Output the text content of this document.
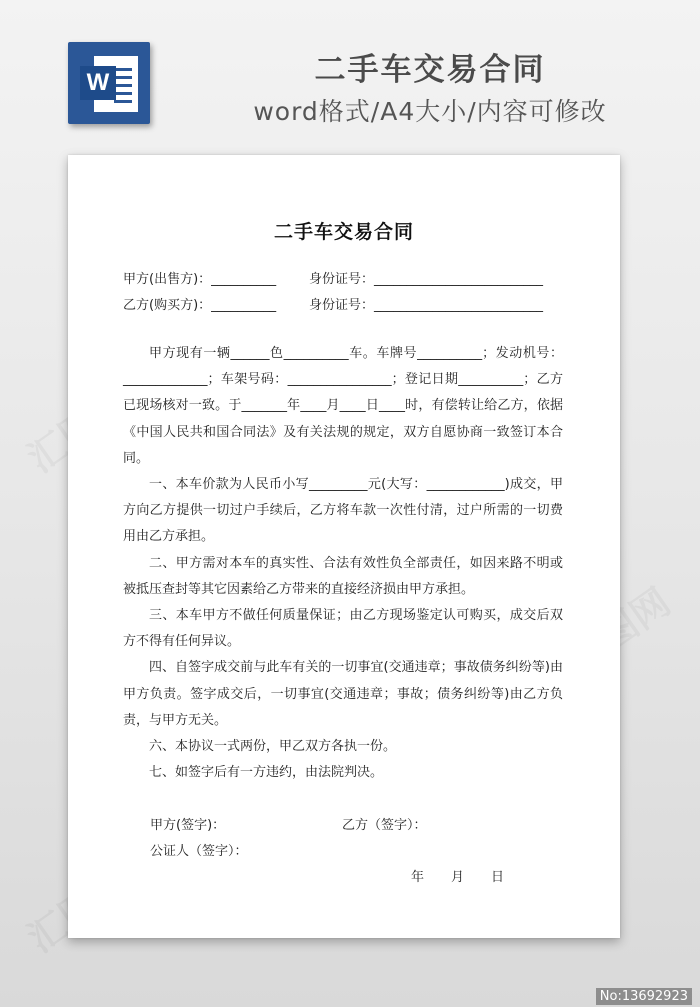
W	二手车交易合同
word格式/A4大小/内容可修改
二手车交易合同
甲方(出售方)：__________	身份证号：__________________________
乙方(购买方)：__________	身份证号：__________________________

甲方现有一辆______色__________车。车牌号__________；发动机号：_____________；车架号码：________________；登记日期__________；乙方已现场核对一致。于_______年____月____日____时，有偿转让给乙方，依据《中国人民共和国合同法》及有关法规的规定，双方自愿协商一致签订本合同。

一、本车价款为人民币小写_________元(大写：____________)成交，甲方向乙方提供一切过户手续后，乙方将车款一次性付清，过户所需的一切费用由乙方承担。

二、甲方需对本车的真实性、合法有效性负全部责任，如因来路不明或被抵压查封等其它因素给乙方带来的直接经济损由甲方承担。

三、本车甲方不做任何质量保证；由乙方现场鉴定认可购买，成交后双方不得有任何异议。

四、自签字成交前与此车有关的一切事宜(交通违章；事故债务纠纷等)由甲方负责。签字成交后，一切事宜(交通违章；事故；债务纠纷等)由乙方负责，与甲方无关。

六、本协议一式两份，甲乙双方各执一份。

七、如签字后有一方违约，由法院判决。

甲方(签字)：	乙方（签字）：
公证人（签字）：
年 月 日
No:13692923
